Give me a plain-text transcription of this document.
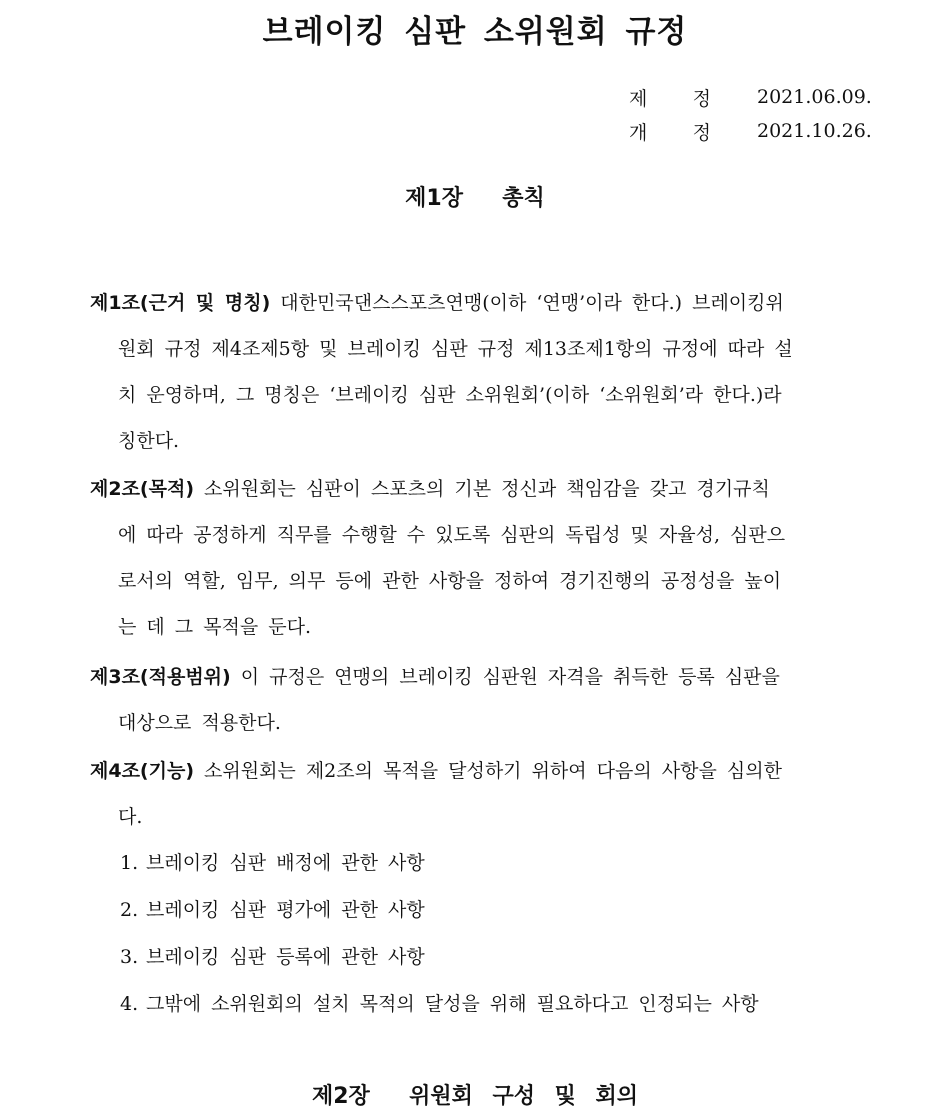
브레이킹 심판 소위원회 규정
제 정 2021.06.09.
개 정 2021.10.26.
제1장  총칙
제1조(근거 및 명칭) 대한민국댄스스포츠연맹(이하 ‘연맹’이라 한다.) 브레이킹위
원회 규정 제4조제5항 및 브레이킹 심판 규정 제13조제1항의 규정에 따라 설
치 운영하며, 그 명칭은 ‘브레이킹 심판 소위원회’(이하 ‘소위원회’라 한다.)라
칭한다.
제2조(목적) 소위원회는 심판이 스포츠의 기본 정신과 책임감을 갖고 경기규칙
에 따라 공정하게 직무를 수행할 수 있도록 심판의 독립성 및 자율성, 심판으
로서의 역할, 임무, 의무 등에 관한 사항을 정하여 경기진행의 공정성을 높이
는 데 그 목적을 둔다.
제3조(적용범위) 이 규정은 연맹의 브레이킹 심판원 자격을 취득한 등록 심판을
대상으로 적용한다.
제4조(기능) 소위원회는 제2조의 목적을 달성하기 위하여 다음의 사항을 심의한
다.
1. 브레이킹 심판 배정에 관한 사항
2. 브레이킹 심판 평가에 관한 사항
3. 브레이킹 심판 등록에 관한 사항
4. 그밖에 소위원회의 설치 목적의 달성을 위해 필요하다고 인정되는 사항
제2장  위원회 구성 및 회의
